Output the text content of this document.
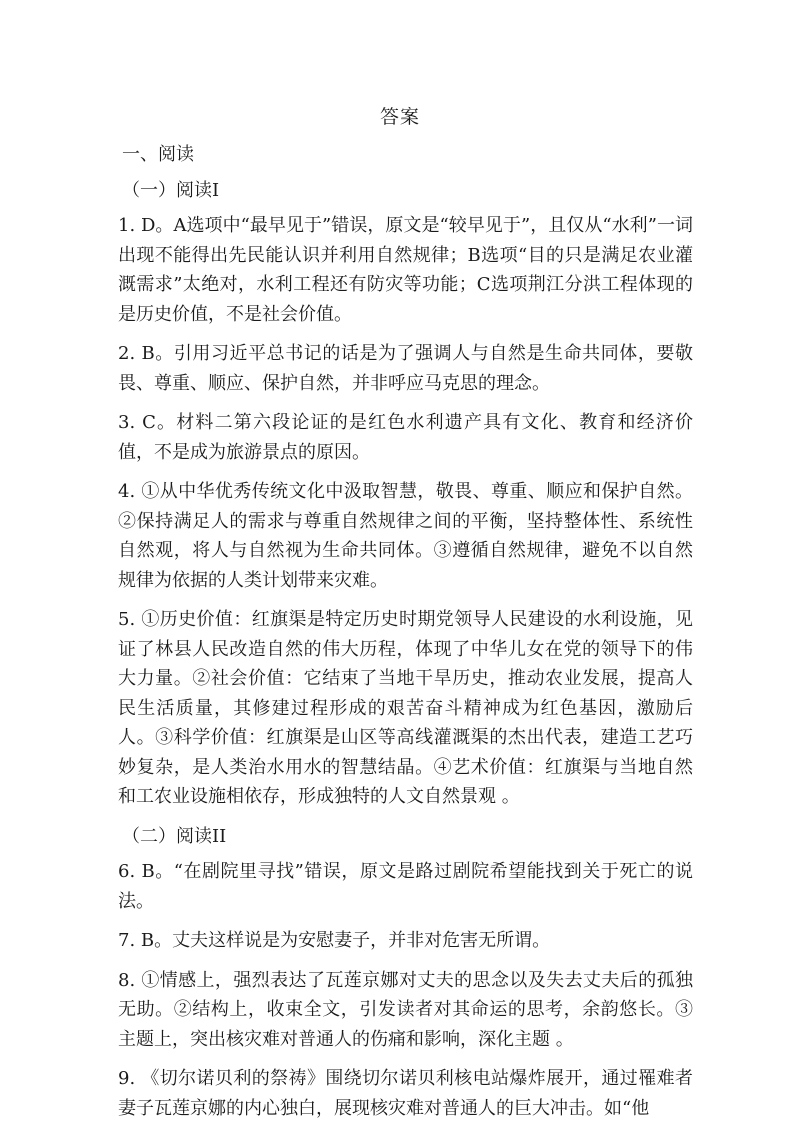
答案
一、阅读
（一）阅读I

1. D。A选项中“最早见于”错误，原文是“较早见于”，且仅从“水利”一词出现不能得出先民能认识并利用自然规律；B选项“目的只是满足农业灌溉需求”太绝对，水利工程还有防灾等功能；C选项荆江分洪工程体现的是历史价值，不是社会价值。

2. B。引用习近平总书记的话是为了强调人与自然是生命共同体，要敬畏、尊重、顺应、保护自然，并非呼应马克思的理念。

3. C。材料二第六段论证的是红色水利遗产具有文化、教育和经济价值，不是成为旅游景点的原因。

4. ①从中华优秀传统文化中汲取智慧，敬畏、尊重、顺应和保护自然。②保持满足人的需求与尊重自然规律之间的平衡，坚持整体性、系统性自然观，将人与自然视为生命共同体。③遵循自然规律，避免不以自然规律为依据的人类计划带来灾难。

5. ①历史价值：红旗渠是特定历史时期党领导人民建设的水利设施，见证了林县人民改造自然的伟大历程，体现了中华儿女在党的领导下的伟大力量。②社会价值：它结束了当地干旱历史，推动农业发展，提高人民生活质量，其修建过程形成的艰苦奋斗精神成为红色基因，激励后人。③科学价值：红旗渠是山区等高线灌溉渠的杰出代表，建造工艺巧妙复杂，是人类治水用水的智慧结晶。④艺术价值：红旗渠与当地自然和工农业设施相依存，形成独特的人文自然景观 。

（二）阅读II

6. B。“在剧院里寻找”错误，原文是路过剧院希望能找到关于死亡的说法。

7. B。丈夫这样说是为安慰妻子，并非对危害无所谓。

8. ①情感上，强烈表达了瓦莲京娜对丈夫的思念以及失去丈夫后的孤独无助。②结构上，收束全文，引发读者对其命运的思考，余韵悠长。③主题上，突出核灾难对普通人的伤痛和影响，深化主题 。

9. 《切尔诺贝利的祭祷》围绕切尔诺贝利核电站爆炸展开，通过罹难者妻子瓦莲京娜的内心独白，展现核灾难对普通人的巨大冲击。如“他
